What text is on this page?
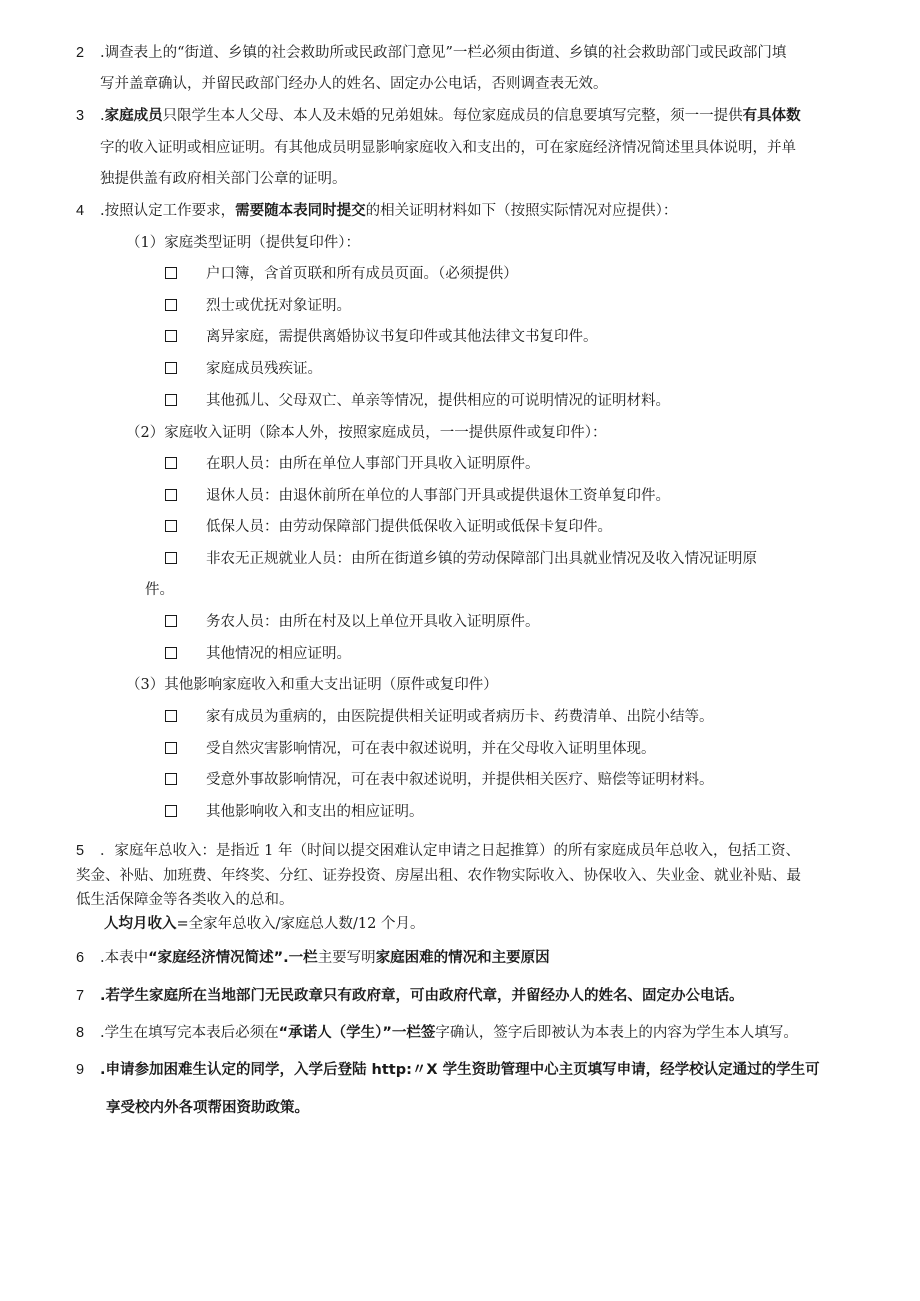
2 .调查表上的“街道、乡镇的社会救助所或民政部门意见”一栏必须由街道、乡镇的社会救助部门或民政部门填
写并盖章确认，并留民政部门经办人的姓名、固定办公电话，否则调查表无效。
3 .家庭成员只限学生本人父母、本人及未婚的兄弟姐妹。每位家庭成员的信息要填写完整，须一一提供有具体数
字的收入证明或相应证明。有其他成员明显影响家庭收入和支出的，可在家庭经济情况简述里具体说明，并单
独提供盖有政府相关部门公章的证明。
4 .按照认定工作要求，需要随本表同时提交的相关证明材料如下（按照实际情况对应提供）：
（1）家庭类型证明（提供复印件）：
户口簿，含首页联和所有成员页面。（必须提供）
烈士或优抚对象证明。
离异家庭，需提供离婚协议书复印件或其他法律文书复印件。
家庭成员残疾证。
其他孤儿、父母双亡、单亲等情况，提供相应的可说明情况的证明材料。
（2）家庭收入证明（除本人外，按照家庭成员，一一提供原件或复印件）：
在职人员：由所在单位人事部门开具收入证明原件。
退休人员：由退休前所在单位的人事部门开具或提供退休工资单复印件。
低保人员：由劳动保障部门提供低保收入证明或低保卡复印件。
非农无正规就业人员：由所在街道乡镇的劳动保障部门出具就业情况及收入情况证明原
件。
务农人员：由所在村及以上单位开具收入证明原件。
其他情况的相应证明。
（3）其他影响家庭收入和重大支出证明（原件或复印件）
家有成员为重病的，由医院提供相关证明或者病历卡、药费清单、出院小结等。
受自然灾害影响情况，可在表中叙述说明，并在父母收入证明里体现。
受意外事故影响情况，可在表中叙述说明，并提供相关医疗、赔偿等证明材料。
其他影响收入和支出的相应证明。
5 ．家庭年总收入：是指近 1 年（时间以提交困难认定申请之日起推算）的所有家庭成员年总收入，包括工资、
奖金、补贴、加班费、年终奖、分红、证券投资、房屋出租、农作物实际收入、协保收入、失业金、就业补贴、最
低生活保障金等各类收入的总和。
人均月收入=全家年总收入/家庭总人数/12 个月。
6 .本表中“家庭经济情况简述”.一栏主要写明家庭困难的情况和主要原因
7 .若学生家庭所在当地部门无民政章只有政府章，可由政府代章，并留经办人的姓名、固定办公电话。
8 .学生在填写完本表后必须在“承诺人（学生）”一栏签字确认，签字后即被认为本表上的内容为学生本人填写。
9 .申请参加困难生认定的同学，入学后登陆 http:〃X 学生资助管理中心主页填写申请，经学校认定通过的学生可
享受校内外各项帮困资助政策。
